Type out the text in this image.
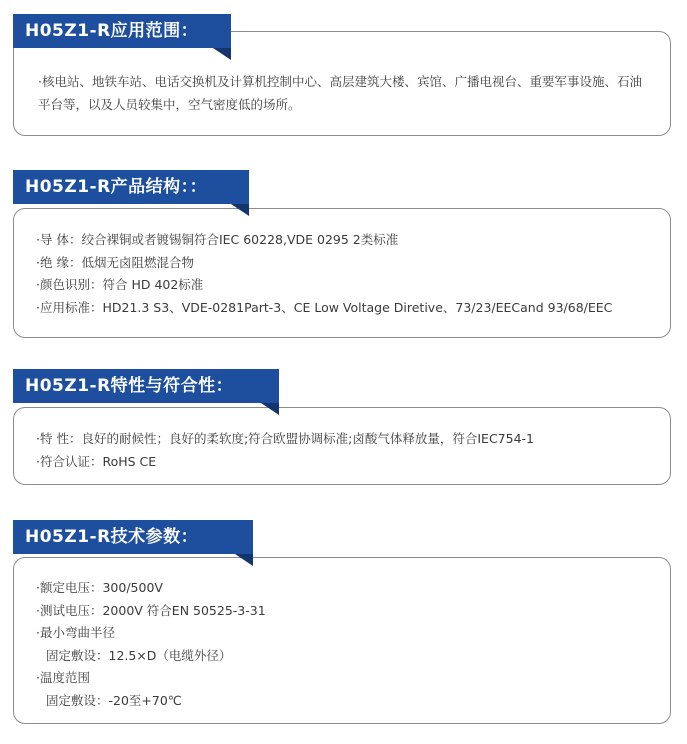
H05Z1-R应用范围：
·核电站、地铁车站、电话交换机及计算机控制中心、高层建筑大楼、宾馆、广播电视台、重要军事设施、石油 平台等，以及人员较集中，空气密度低的场所。
H05Z1-R产品结构：：
·导 体：绞合裸铜或者镀锡铜符合IEC 60228,VDE 0295 2类标准
·绝 缘：低烟无卤阻燃混合物
·颜色识别：符合 HD 402标准
·应用标准：HD21.3 S3、VDE-0281Part-3、CE Low Voltage Diretive、73/23/EECand 93/68/EEC
H05Z1-R特性与符合性：
·特 性：良好的耐候性；良好的柔软度;符合欧盟协调标准;卤酸气体释放量，符合IEC754-1
·符合认证：RoHS CE
H05Z1-R技术参数：
·额定电压：300/500V
·测试电压：2000V 符合EN 50525-3-31
·最小弯曲半径
固定敷设：12.5×D（电缆外径）
·温度范围
固定敷设：-20至+70℃
